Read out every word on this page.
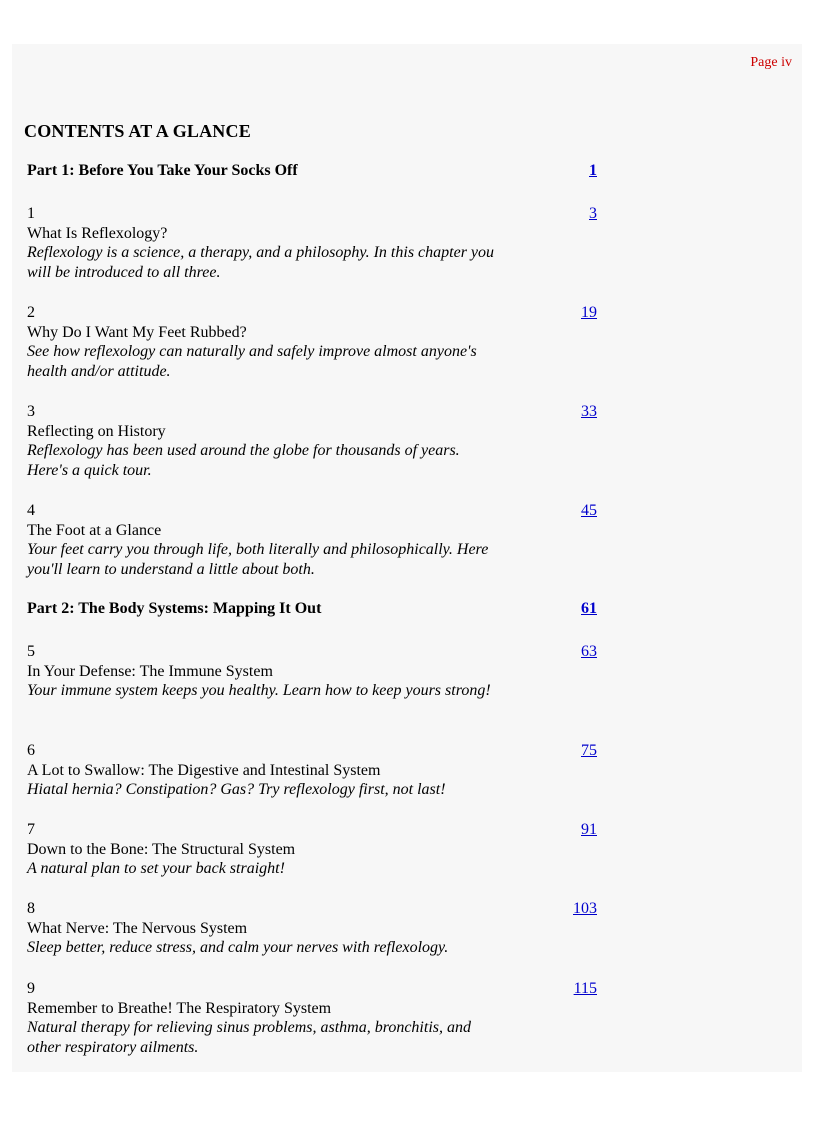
Page iv
CONTENTS AT A GLANCE
Part 1: Before You Take Your Socks Off	1
1
What Is Reflexology?
Reflexology is a science, a therapy, and a philosophy. In this chapter you will be introduced to all three.
3
2
Why Do I Want My Feet Rubbed?
See how reflexology can naturally and safely improve almost anyone's health and/or attitude.
19
3
Reflecting on History
Reflexology has been used around the globe for thousands of years. Here's a quick tour.
33
4
The Foot at a Glance
Your feet carry you through life, both literally and philosophically. Here you'll learn to understand a little about both.
45
Part 2: The Body Systems: Mapping It Out	61
5
In Your Defense: The Immune System
Your immune system keeps you healthy. Learn how to keep yours strong!
63
6
A Lot to Swallow: The Digestive and Intestinal System
Hiatal hernia? Constipation? Gas? Try reflexology first, not last!
75
7
Down to the Bone: The Structural System
A natural plan to set your back straight!
91
8
What Nerve: The Nervous System
Sleep better, reduce stress, and calm your nerves with reflexology.
103
9
Remember to Breathe! The Respiratory System
Natural therapy for relieving sinus problems, asthma, bronchitis, and other respiratory ailments.
115
